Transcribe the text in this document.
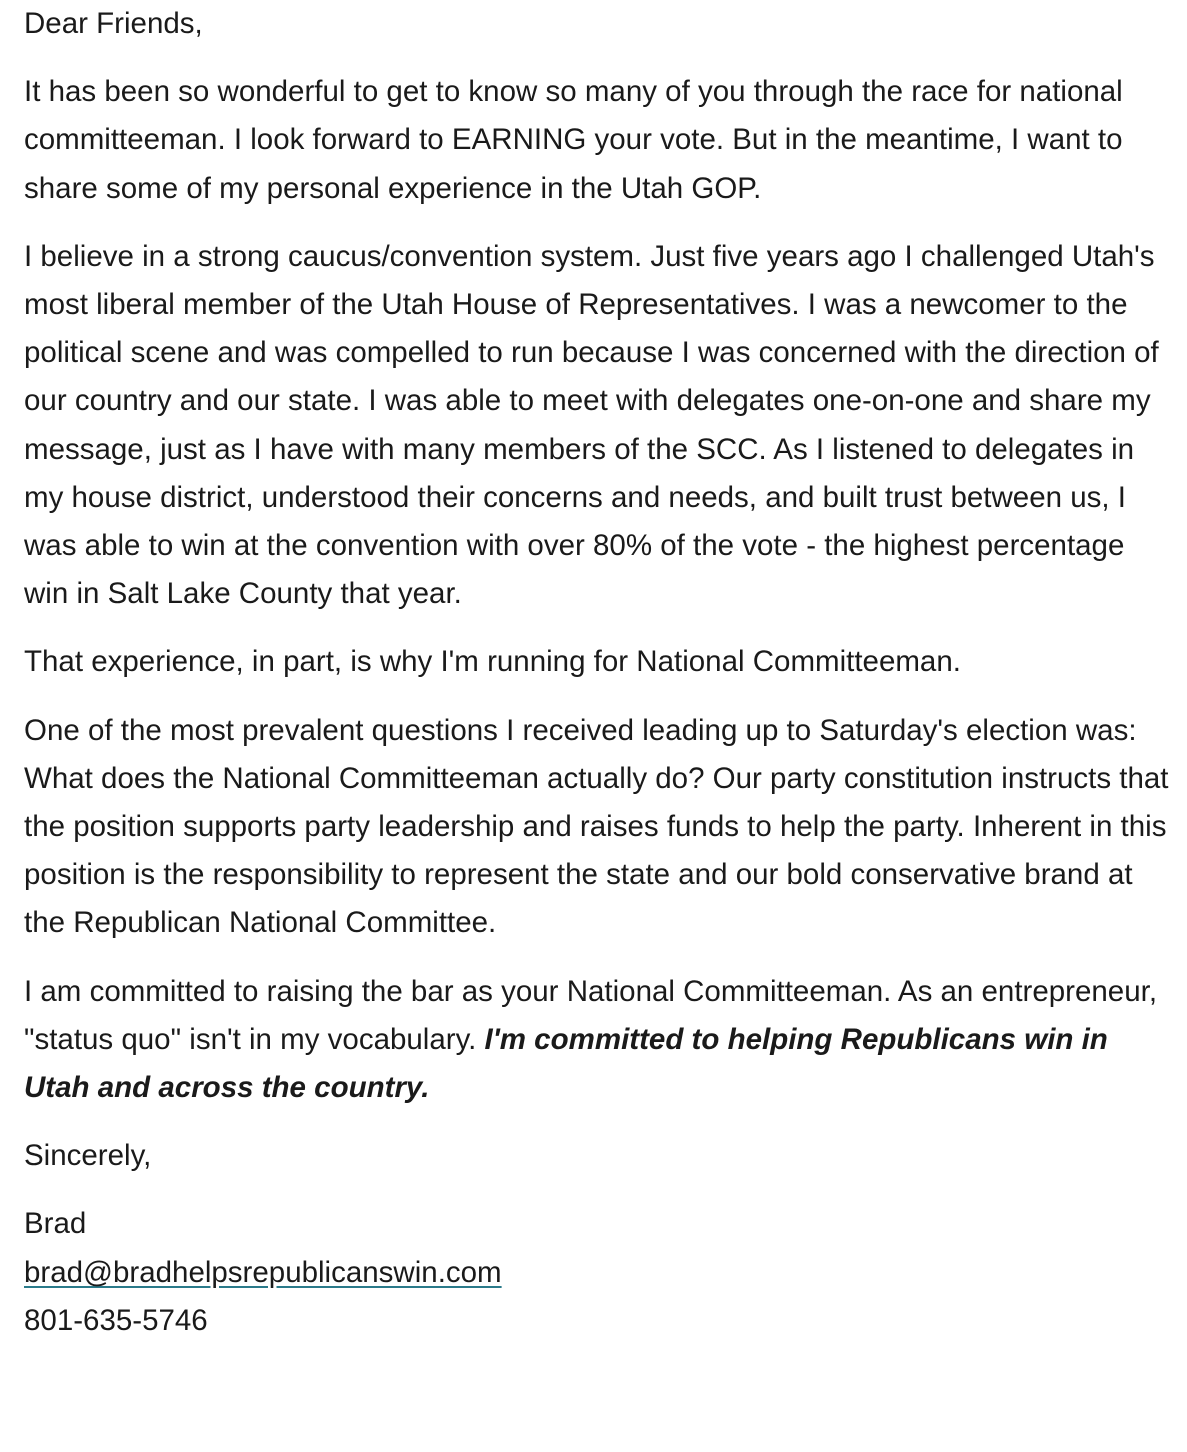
Dear Friends,

It has been so wonderful to get to know so many of you through the race for national committeeman. I look forward to EARNING your vote. But in the meantime, I want to share some of my personal experience in the Utah GOP.

I believe in a strong caucus/convention system. Just five years ago I challenged Utah's most liberal member of the Utah House of Representatives. I was a newcomer to the political scene and was compelled to run because I was concerned with the direction of our country and our state. I was able to meet with delegates one-on-one and share my message, just as I have with many members of the SCC. As I listened to delegates in my house district, understood their concerns and needs, and built trust between us, I was able to win at the convention with over 80% of the vote - the highest percentage win in Salt Lake County that year.

That experience, in part, is why I'm running for National Committeeman.

One of the most prevalent questions I received leading up to Saturday's election was: What does the National Committeeman actually do? Our party constitution instructs that the position supports party leadership and raises funds to help the party. Inherent in this position is the responsibility to represent the state and our bold conservative brand at the Republican National Committee.

I am committed to raising the bar as your National Committeeman. As an entrepreneur, "status quo" isn't in my vocabulary. I'm committed to helping Republicans win in Utah and across the country.

Sincerely,

Brad
brad@bradhelpsrepublicanswin.com
801-635-5746
